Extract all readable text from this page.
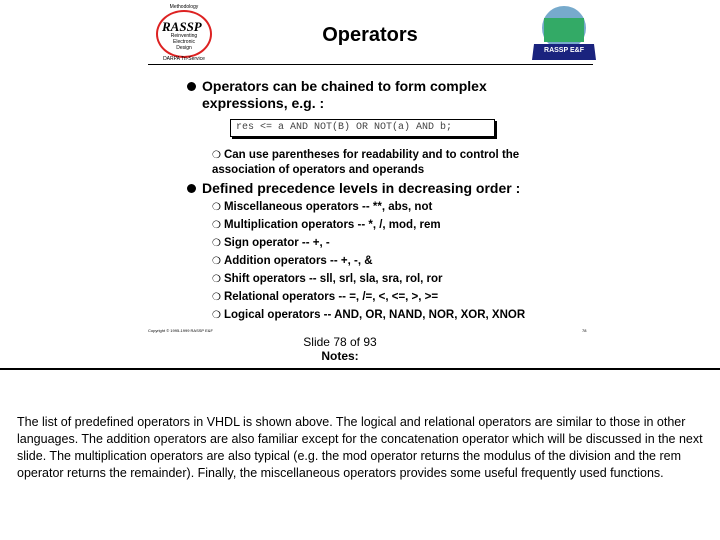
Methodology
RASSP
Reinventing Electronic Design
DARPA Tri-Service
RASSP E&F
Operators
Operators can be chained to form complex expressions, e.g. :
res <= a AND NOT(B) OR NOT(a) AND b;
❍ Can use parentheses for readability and to control the association of operators and operands
Defined precedence levels in decreasing order :
❍ Miscellaneous operators -- **, abs, not
❍ Multiplication operators -- *, /, mod, rem
❍ Sign operator -- +, -
❍ Addition operators -- +, -, &
❍ Shift operators -- sll, srl, sla, sra, rol, ror
❍ Relational operators -- =, /=, <, <=, >, >=
❍ Logical operators -- AND, OR, NAND, NOR, XOR, XNOR
Copyright © 1995-1999 RASSP E&F	78
Slide 78 of 93
Notes:
The list of predefined operators in VHDL is shown above. The logical and relational operators are similar to those in other languages. The addition operators are also familiar except for the concatenation operator which will be discussed in the next slide. The multiplication operators are also typical (e.g. the mod operator returns the modulus of the division and the rem operator returns the remainder). Finally, the miscellaneous operators provides some useful frequently used functions.
